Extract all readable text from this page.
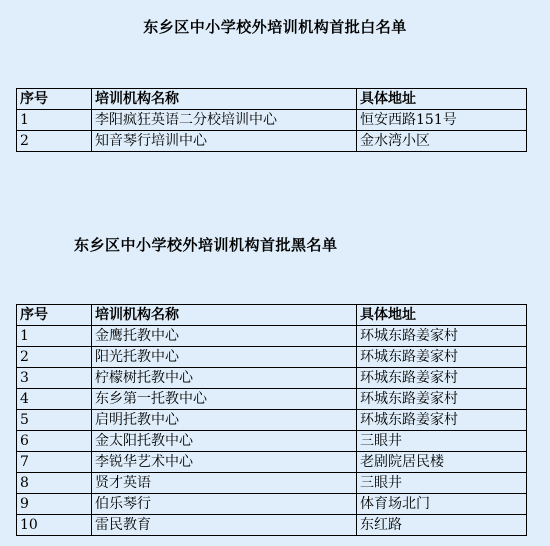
东乡区中小学校外培训机构首批白名单
序号	培训机构名称	具体地址
1	李阳疯狂英语二分校培训中心	恒安西路151号
2	知音琴行培训中心	金水湾小区
东乡区中小学校外培训机构首批黑名单
序号	培训机构名称	具体地址
1	金鹰托教中心	环城东路姜家村
2	阳光托教中心	环城东路姜家村
3	柠檬树托教中心	环城东路姜家村
4	东乡第一托教中心	环城东路姜家村
5	启明托教中心	环城东路姜家村
6	金太阳托教中心	三眼井
7	李锐华艺术中心	老剧院居民楼
8	贤才英语	三眼井
9	伯乐琴行	体育场北门
10	雷民教育	东红路
